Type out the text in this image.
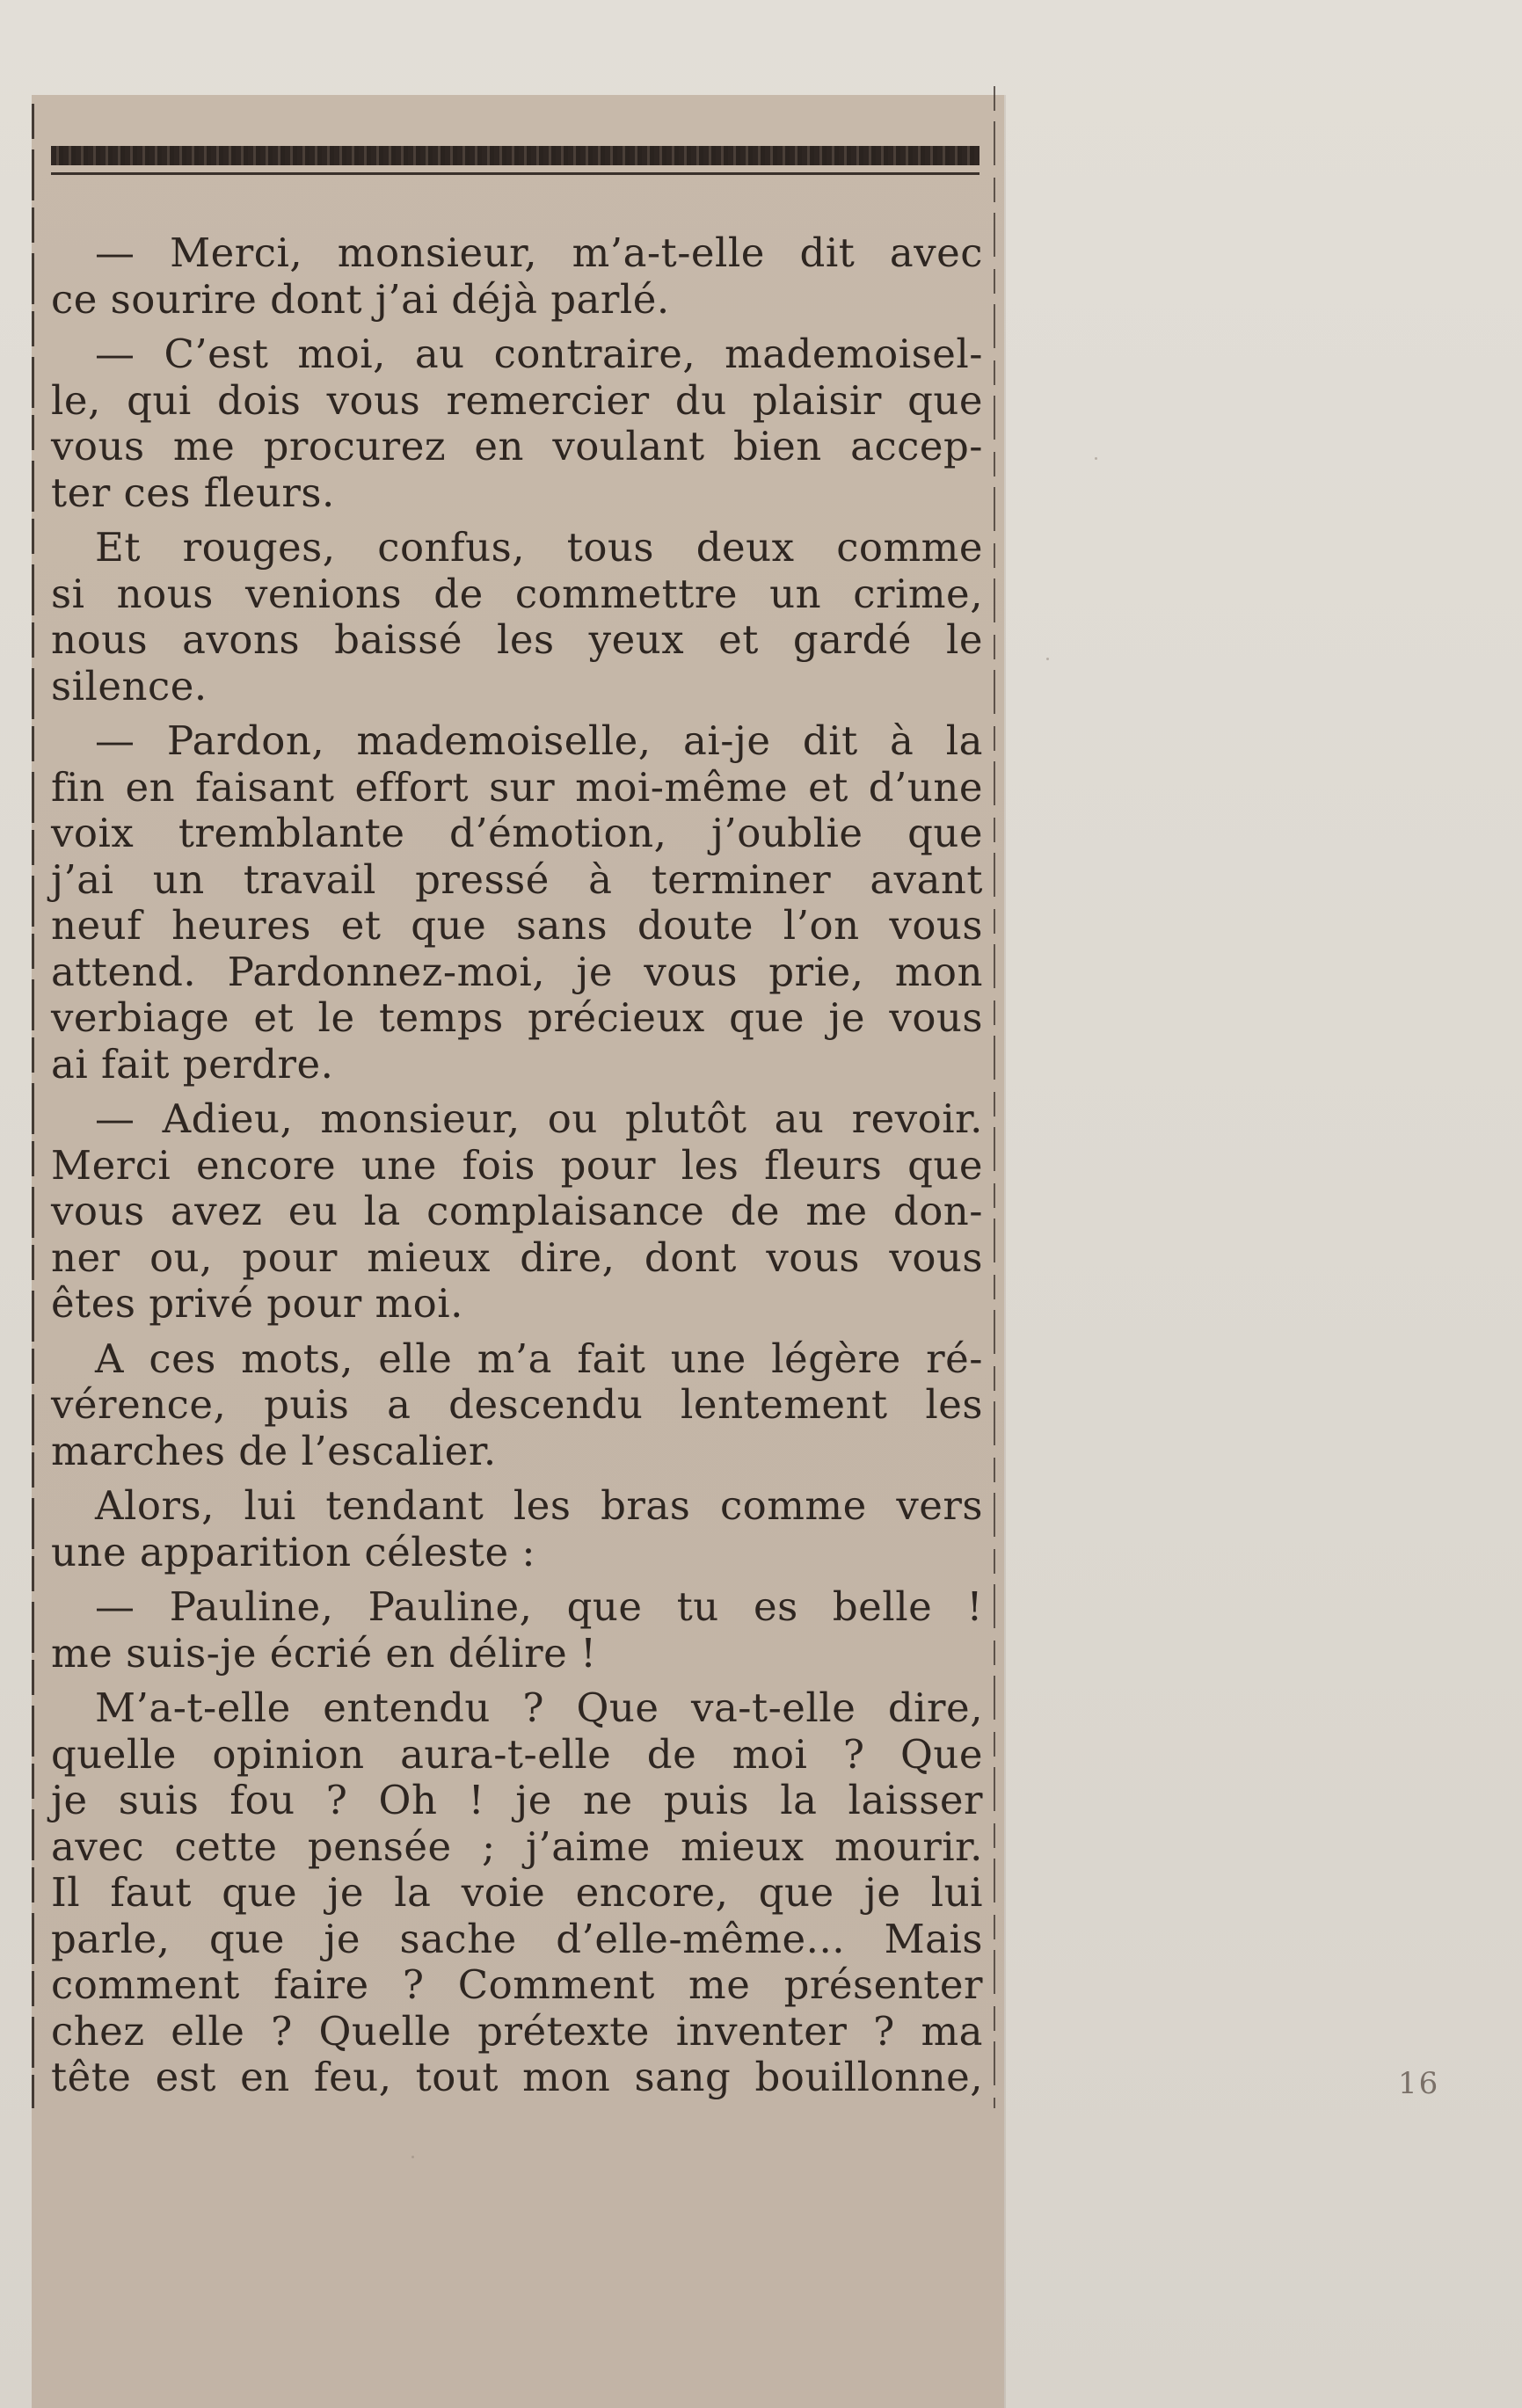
— Merci, monsieur, m’a-t-elle dit avec
ce sourire dont j’ai déjà parlé.
— C’est moi, au contraire, mademoisel-
le, qui dois vous remercier du plaisir que
vous me procurez en voulant bien accep-
ter ces fleurs.
Et rouges, confus, tous deux comme
si nous venions de commettre un crime,
nous avons baissé les yeux et gardé le
silence.
— Pardon, mademoiselle, ai-je dit à la
fin en faisant effort sur moi-même et d’une
voix tremblante d’émotion, j’oublie que
j’ai un travail pressé à terminer avant
neuf heures et que sans doute l’on vous
attend. Pardonnez-moi, je vous prie, mon
verbiage et le temps précieux que je vous
ai fait perdre.
— Adieu, monsieur, ou plutôt au revoir.
Merci encore une fois pour les fleurs que
vous avez eu la complaisance de me don-
ner ou, pour mieux dire, dont vous vous
êtes privé pour moi.
A ces mots, elle m’a fait une légère ré-
vérence, puis a descendu lentement les
marches de l’escalier.
Alors, lui tendant les bras comme vers
une apparition céleste :
— Pauline, Pauline, que tu es belle !
me suis-je écrié en délire !
M’a-t-elle entendu ? Que va-t-elle dire,
quelle opinion aura-t-elle de moi ? Que
je suis fou ? Oh ! je ne puis la laisser
avec cette pensée ; j’aime mieux mourir.
Il faut que je la voie encore, que je lui
parle, que je sache d’elle-même... Mais
comment faire ? Comment me présenter
chez elle ? Quelle prétexte inventer ? ma
tête est en feu, tout mon sang bouillonne,	16
